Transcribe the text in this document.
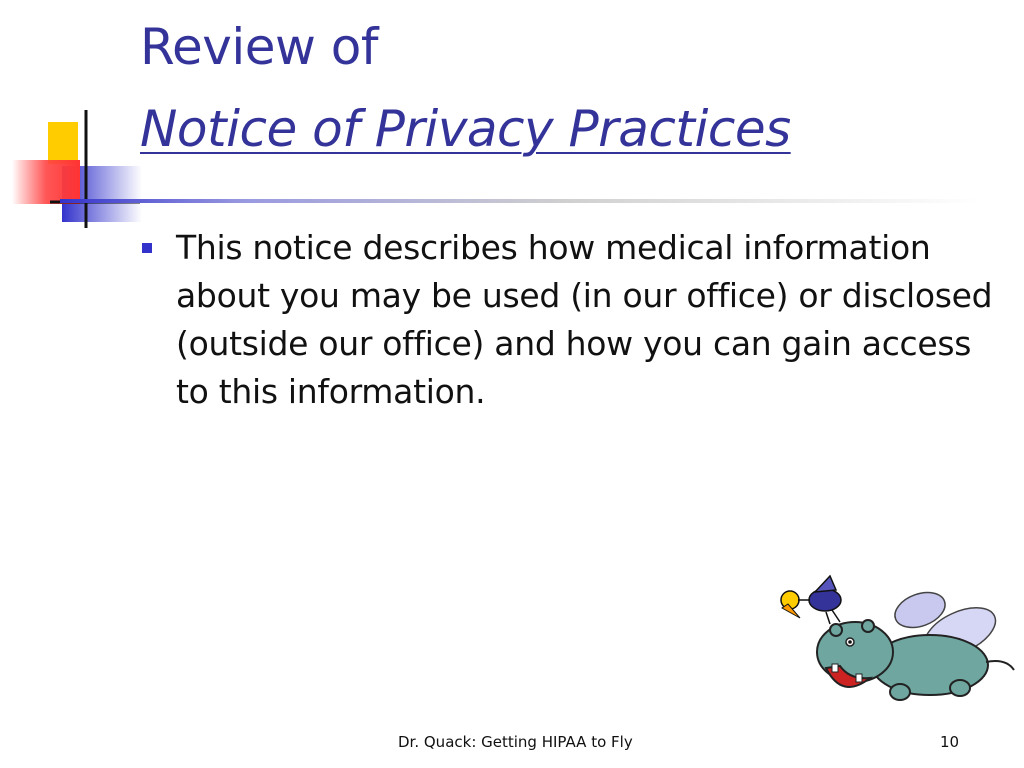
Review of
Notice of Privacy Practices
This notice describes how medical information about you may be used (in our office) or disclosed (outside our office) and how you can gain access to this information.
Dr. Quack: Getting HIPAA to Fly	10
